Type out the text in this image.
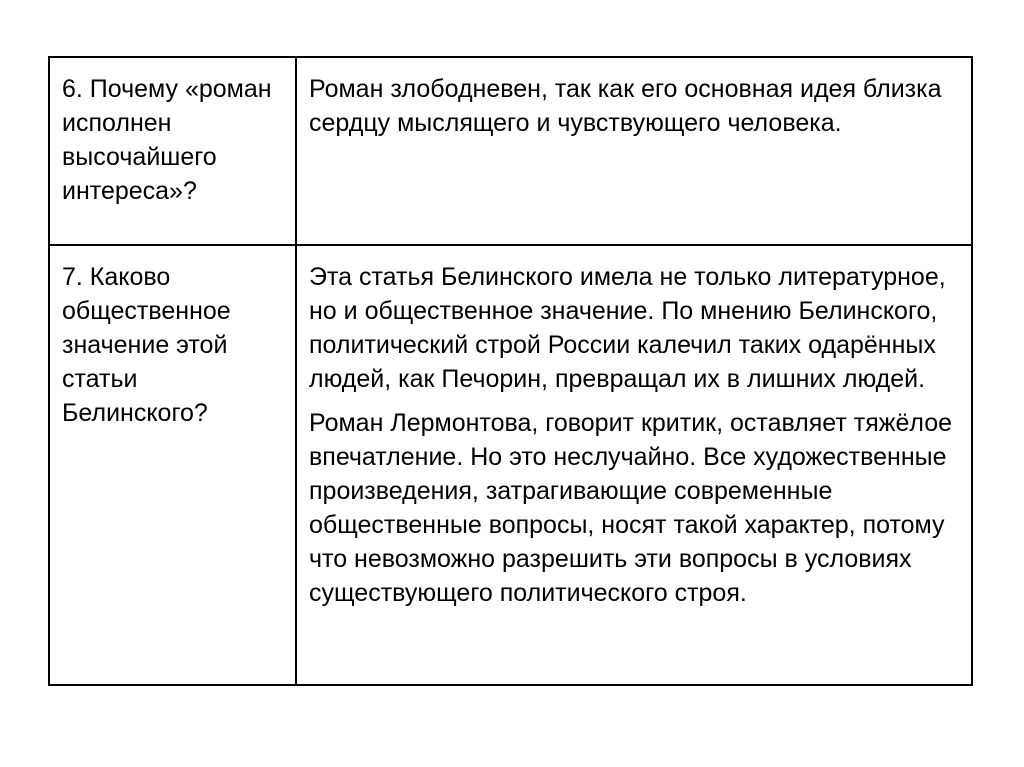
6. Почему «роман исполнен высочайшего интереса»?	Роман злободневен, так как его основная идея близка сердцу мыслящего и чувствующего человека.

7. Каково общественное значение этой статьи Белинского?	Эта статья Белинского имела не только литературное, но и общественное значение. По мнению Белинского, политический строй России калечил таких одарённых людей, как Печорин, превращал их в лишних людей.

Роман Лермонтова, говорит критик, оставляет тяжёлое впечатление. Но это неслучайно. Все художественные произведения, затрагивающие современные общественные вопросы, носят такой характер, потому что невозможно разрешить эти вопросы в условиях существующего политического строя.
